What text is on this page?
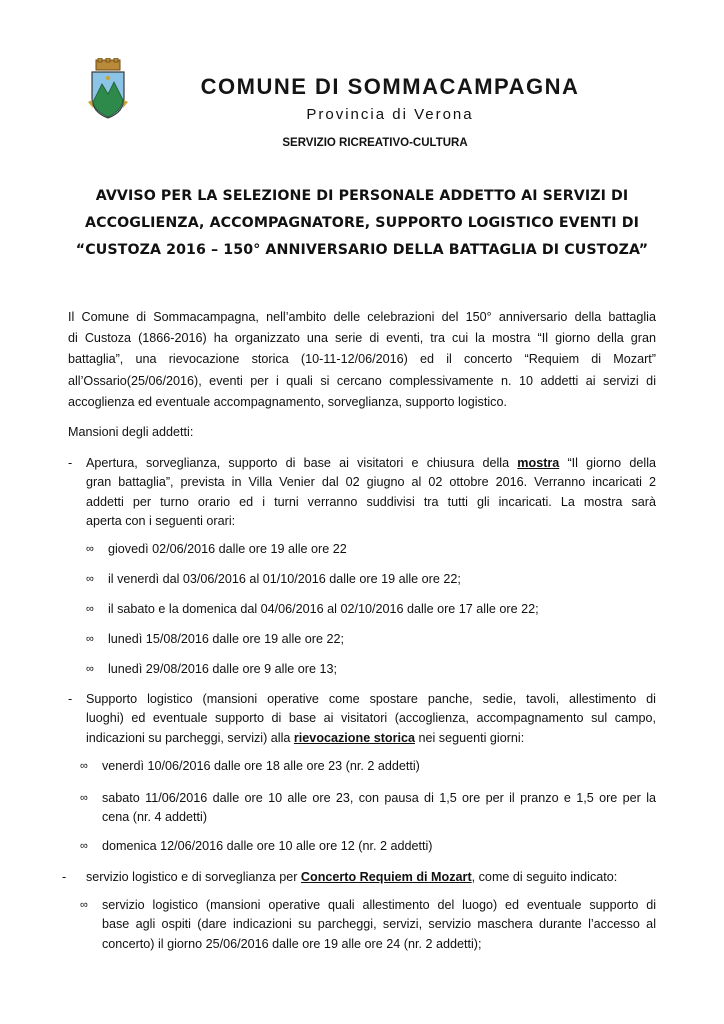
COMUNE DI SOMMACAMPAGNA
Provincia di Verona
SERVIZIO RICREATIVO-CULTURA
AVVISO PER LA SELEZIONE DI PERSONALE ADDETTO AI SERVIZI DI
ACCOGLIENZA, ACCOMPAGNATORE, SUPPORTO LOGISTICO EVENTI DI
“CUSTOZA 2016 – 150° ANNIVERSARIO DELLA BATTAGLIA DI CUSTOZA”
Il Comune di Sommacampagna, nell’ambito delle celebrazioni del 150° anniversario della battaglia
di Custoza (1866-2016) ha organizzato una serie di eventi, tra cui la mostra “Il giorno della gran
battaglia”, una rievocazione storica (10-11-12/06/2016) ed il concerto “Requiem di Mozart”
all’Ossario(25/06/2016), eventi per i quali si cercano complessivamente n. 10 addetti ai servizi di
accoglienza ed eventuale accompagnamento, sorveglianza, supporto logistico.
Mansioni degli addetti:
- Apertura, sorveglianza, supporto di base ai visitatori e chiusura della mostra “Il giorno della
gran battaglia”, prevista in Villa Venier dal 02 giugno al 02 ottobre 2016. Verranno incaricati 2
addetti per turno orario ed i turni verranno suddivisi tra tutti gli incaricati. La mostra sarà
aperta con i seguenti orari:
∞ giovedì 02/06/2016 dalle ore 19 alle ore 22
∞ il venerdì dal 03/06/2016 al 01/10/2016 dalle ore 19 alle ore 22;
∞ il sabato e la domenica dal 04/06/2016 al 02/10/2016 dalle ore 17 alle ore 22;
∞ lunedì 15/08/2016 dalle ore 19 alle ore 22;
∞ lunedì 29/08/2016 dalle ore 9 alle ore 13;
- Supporto logistico (mansioni operative come spostare panche, sedie, tavoli, allestimento di
luoghi) ed eventuale supporto di base ai visitatori (accoglienza, accompagnamento sul campo,
indicazioni su parcheggi, servizi) alla rievocazione storica nei seguenti giorni:
∞ venerdì 10/06/2016 dalle ore 18 alle ore 23 (nr. 2 addetti)
∞ sabato 11/06/2016 dalle ore 10 alle ore 23, con pausa di 1,5 ore per il pranzo e 1,5 ore per la
cena (nr. 4 addetti)
∞ domenica 12/06/2016 dalle ore 10 alle ore 12 (nr. 2 addetti)
- servizio logistico e di sorveglianza per Concerto Requiem di Mozart, come di seguito indicato:
∞ servizio logistico (mansioni operative quali allestimento del luogo) ed eventuale supporto di
base agli ospiti (dare indicazioni su parcheggi, servizi, servizio maschera durante l’accesso al
concerto) il giorno 25/06/2016 dalle ore 19 alle ore 24 (nr. 2 addetti);
